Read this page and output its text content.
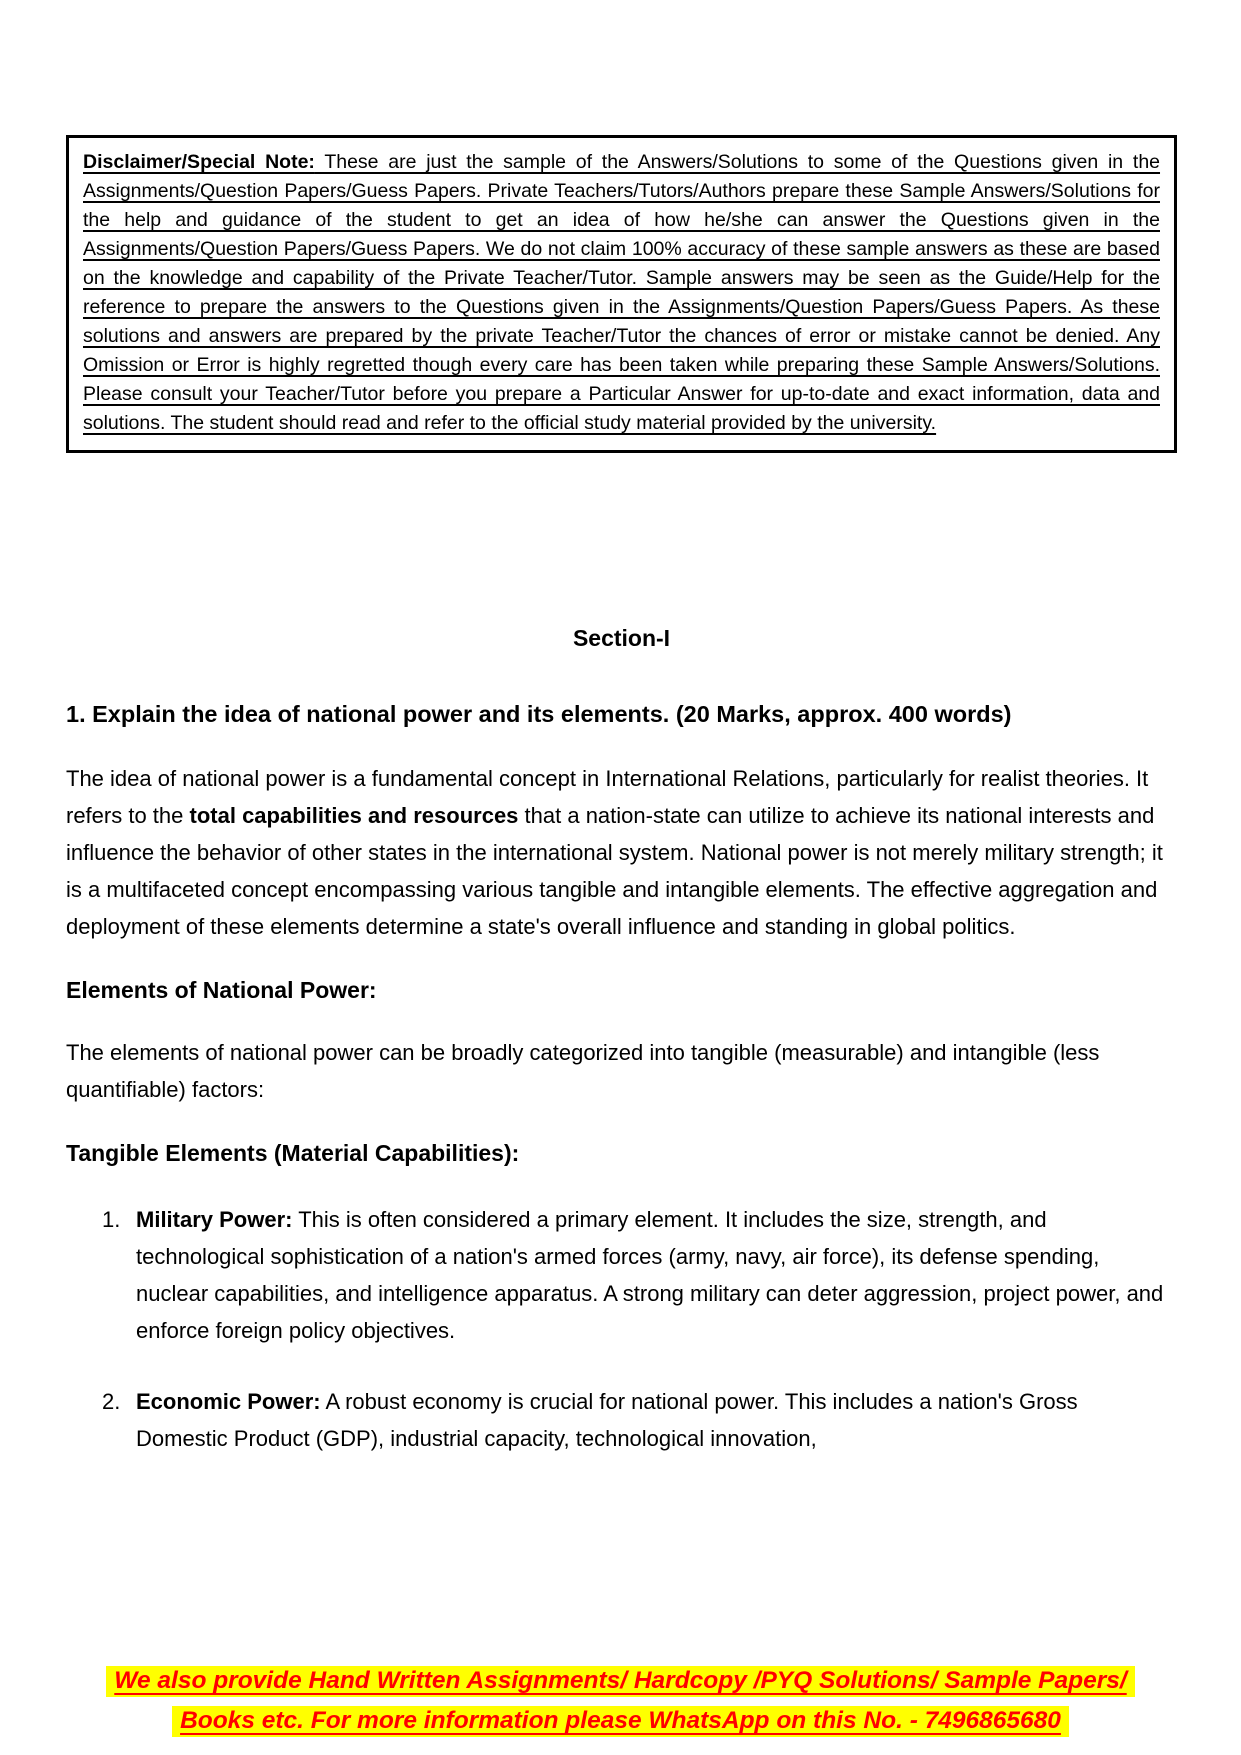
Disclaimer/Special Note: These are just the sample of the Answers/Solutions to some of the Questions given in the Assignments/Question Papers/Guess Papers. Private Teachers/Tutors/Authors prepare these Sample Answers/Solutions for the help and guidance of the student to get an idea of how he/she can answer the Questions given in the Assignments/Question Papers/Guess Papers. We do not claim 100% accuracy of these sample answers as these are based on the knowledge and capability of the Private Teacher/Tutor. Sample answers may be seen as the Guide/Help for the reference to prepare the answers to the Questions given in the Assignments/Question Papers/Guess Papers. As these solutions and answers are prepared by the private Teacher/Tutor the chances of error or mistake cannot be denied. Any Omission or Error is highly regretted though every care has been taken while preparing these Sample Answers/Solutions. Please consult your Teacher/Tutor before you prepare a Particular Answer for up-to-date and exact information, data and solutions. The student should read and refer to the official study material provided by the university.

Section-I
1. Explain the idea of national power and its elements. (20 Marks, approx. 400 words)

The idea of national power is a fundamental concept in International Relations, particularly for realist theories. It refers to the total capabilities and resources that a nation-state can utilize to achieve its national interests and influence the behavior of other states in the international system. National power is not merely military strength; it is a multifaceted concept encompassing various tangible and intangible elements. The effective aggregation and deployment of these elements determine a state's overall influence and standing in global politics.

Elements of National Power:

The elements of national power can be broadly categorized into tangible (measurable) and intangible (less quantifiable) factors:

Tangible Elements (Material Capabilities):
1. Military Power: This is often considered a primary element. It includes the size, strength, and technological sophistication of a nation's armed forces (army, navy, air force), its defense spending, nuclear capabilities, and intelligence apparatus. A strong military can deter aggression, project power, and enforce foreign policy objectives.
2. Economic Power: A robust economy is crucial for national power. This includes a nation's Gross Domestic Product (GDP), industrial capacity, technological innovation,
We also provide Hand Written Assignments/ Hardcopy /PYQ Solutions/ Sample Papers/
Books etc. For more information please WhatsApp on this No. - 7496865680
